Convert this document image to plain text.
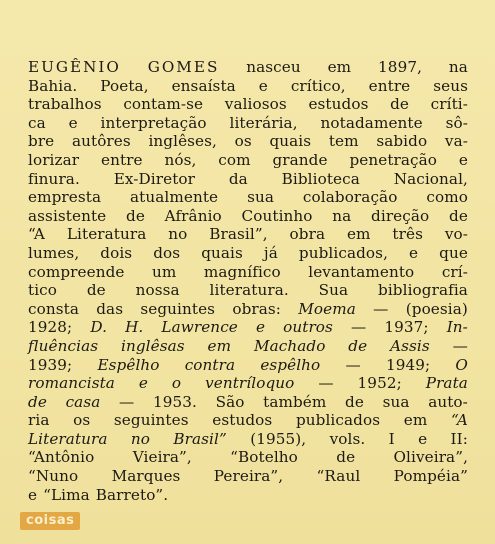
EUGÊNIO GOMES nasceu em 1897, na
Bahia. Poeta, ensaísta e crítico, entre seus
trabalhos contam-se valiosos estudos de críti-
ca e interpretação literária, notadamente sô-
bre autôres inglêses, os quais tem sabido va-
lorizar entre nós, com grande penetração e
finura. Ex-Diretor da Biblioteca Nacional,
empresta atualmente sua colaboração como
assistente de Afrânio Coutinho na direção de
“A Literatura no Brasil”, obra em três vo-
lumes, dois dos quais já publicados, e que
compreende um magnífico levantamento crí-
tico de nossa literatura. Sua bibliografia
consta das seguintes obras: Moema — (poesia)
1928; D. H. Lawrence e outros — 1937; In-
fluências inglêsas em Machado de Assis —
1939; Espêlho contra espêlho — 1949; O
romancista e o ventríloquo — 1952; Prata
de casa — 1953. São também de sua auto-
ria os seguintes estudos publicados em “A
Literatura no Brasil” (1955), vols. I e II:
“Antônio	Vieira”,	“Botelho	de	Oliveira”,
“Nuno Marques Pereira”, “Raul Pompéia”
e “Lima Barreto”.
coisas
